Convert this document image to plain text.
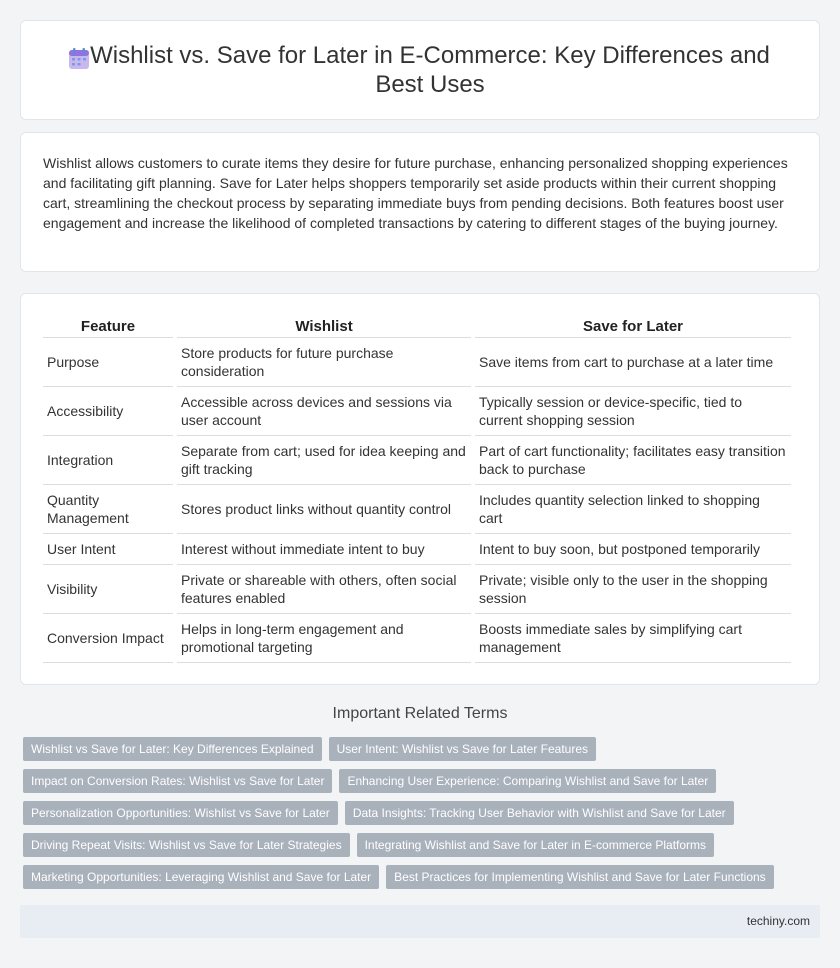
Wishlist vs. Save for Later in E-Commerce: Key Differences and Best Uses

Wishlist allows customers to curate items they desire for future purchase, enhancing personalized shopping experiences and facilitating gift planning. Save for Later helps shoppers temporarily set aside products within their current shopping cart, streamlining the checkout process by separating immediate buys from pending decisions. Both features boost user engagement and increase the likelihood of completed transactions by catering to different stages of the buying journey.

Feature	Wishlist	Save for Later
Purpose	Store products for future purchase consideration	Save items from cart to purchase at a later time
Accessibility	Accessible across devices and sessions via user account	Typically session or device-specific, tied to current shopping session
Integration	Separate from cart; used for idea keeping and gift tracking	Part of cart functionality; facilitates easy transition back to purchase
Quantity Management	Stores product links without quantity control	Includes quantity selection linked to shopping cart
User Intent	Interest without immediate intent to buy	Intent to buy soon, but postponed temporarily
Visibility	Private or shareable with others, often social features enabled	Private; visible only to the user in the shopping session
Conversion Impact	Helps in long-term engagement and promotional targeting	Boosts immediate sales by simplifying cart management
Important Related Terms
Wishlist vs Save for Later: Key Differences Explained	User Intent: Wishlist vs Save for Later Features
Impact on Conversion Rates: Wishlist vs Save for Later	Enhancing User Experience: Comparing Wishlist and Save for Later
Personalization Opportunities: Wishlist vs Save for Later	Data Insights: Tracking User Behavior with Wishlist and Save for Later
Driving Repeat Visits: Wishlist vs Save for Later Strategies	Integrating Wishlist and Save for Later in E-commerce Platforms
Marketing Opportunities: Leveraging Wishlist and Save for Later	Best Practices for Implementing Wishlist and Save for Later Functions
techiny.com
